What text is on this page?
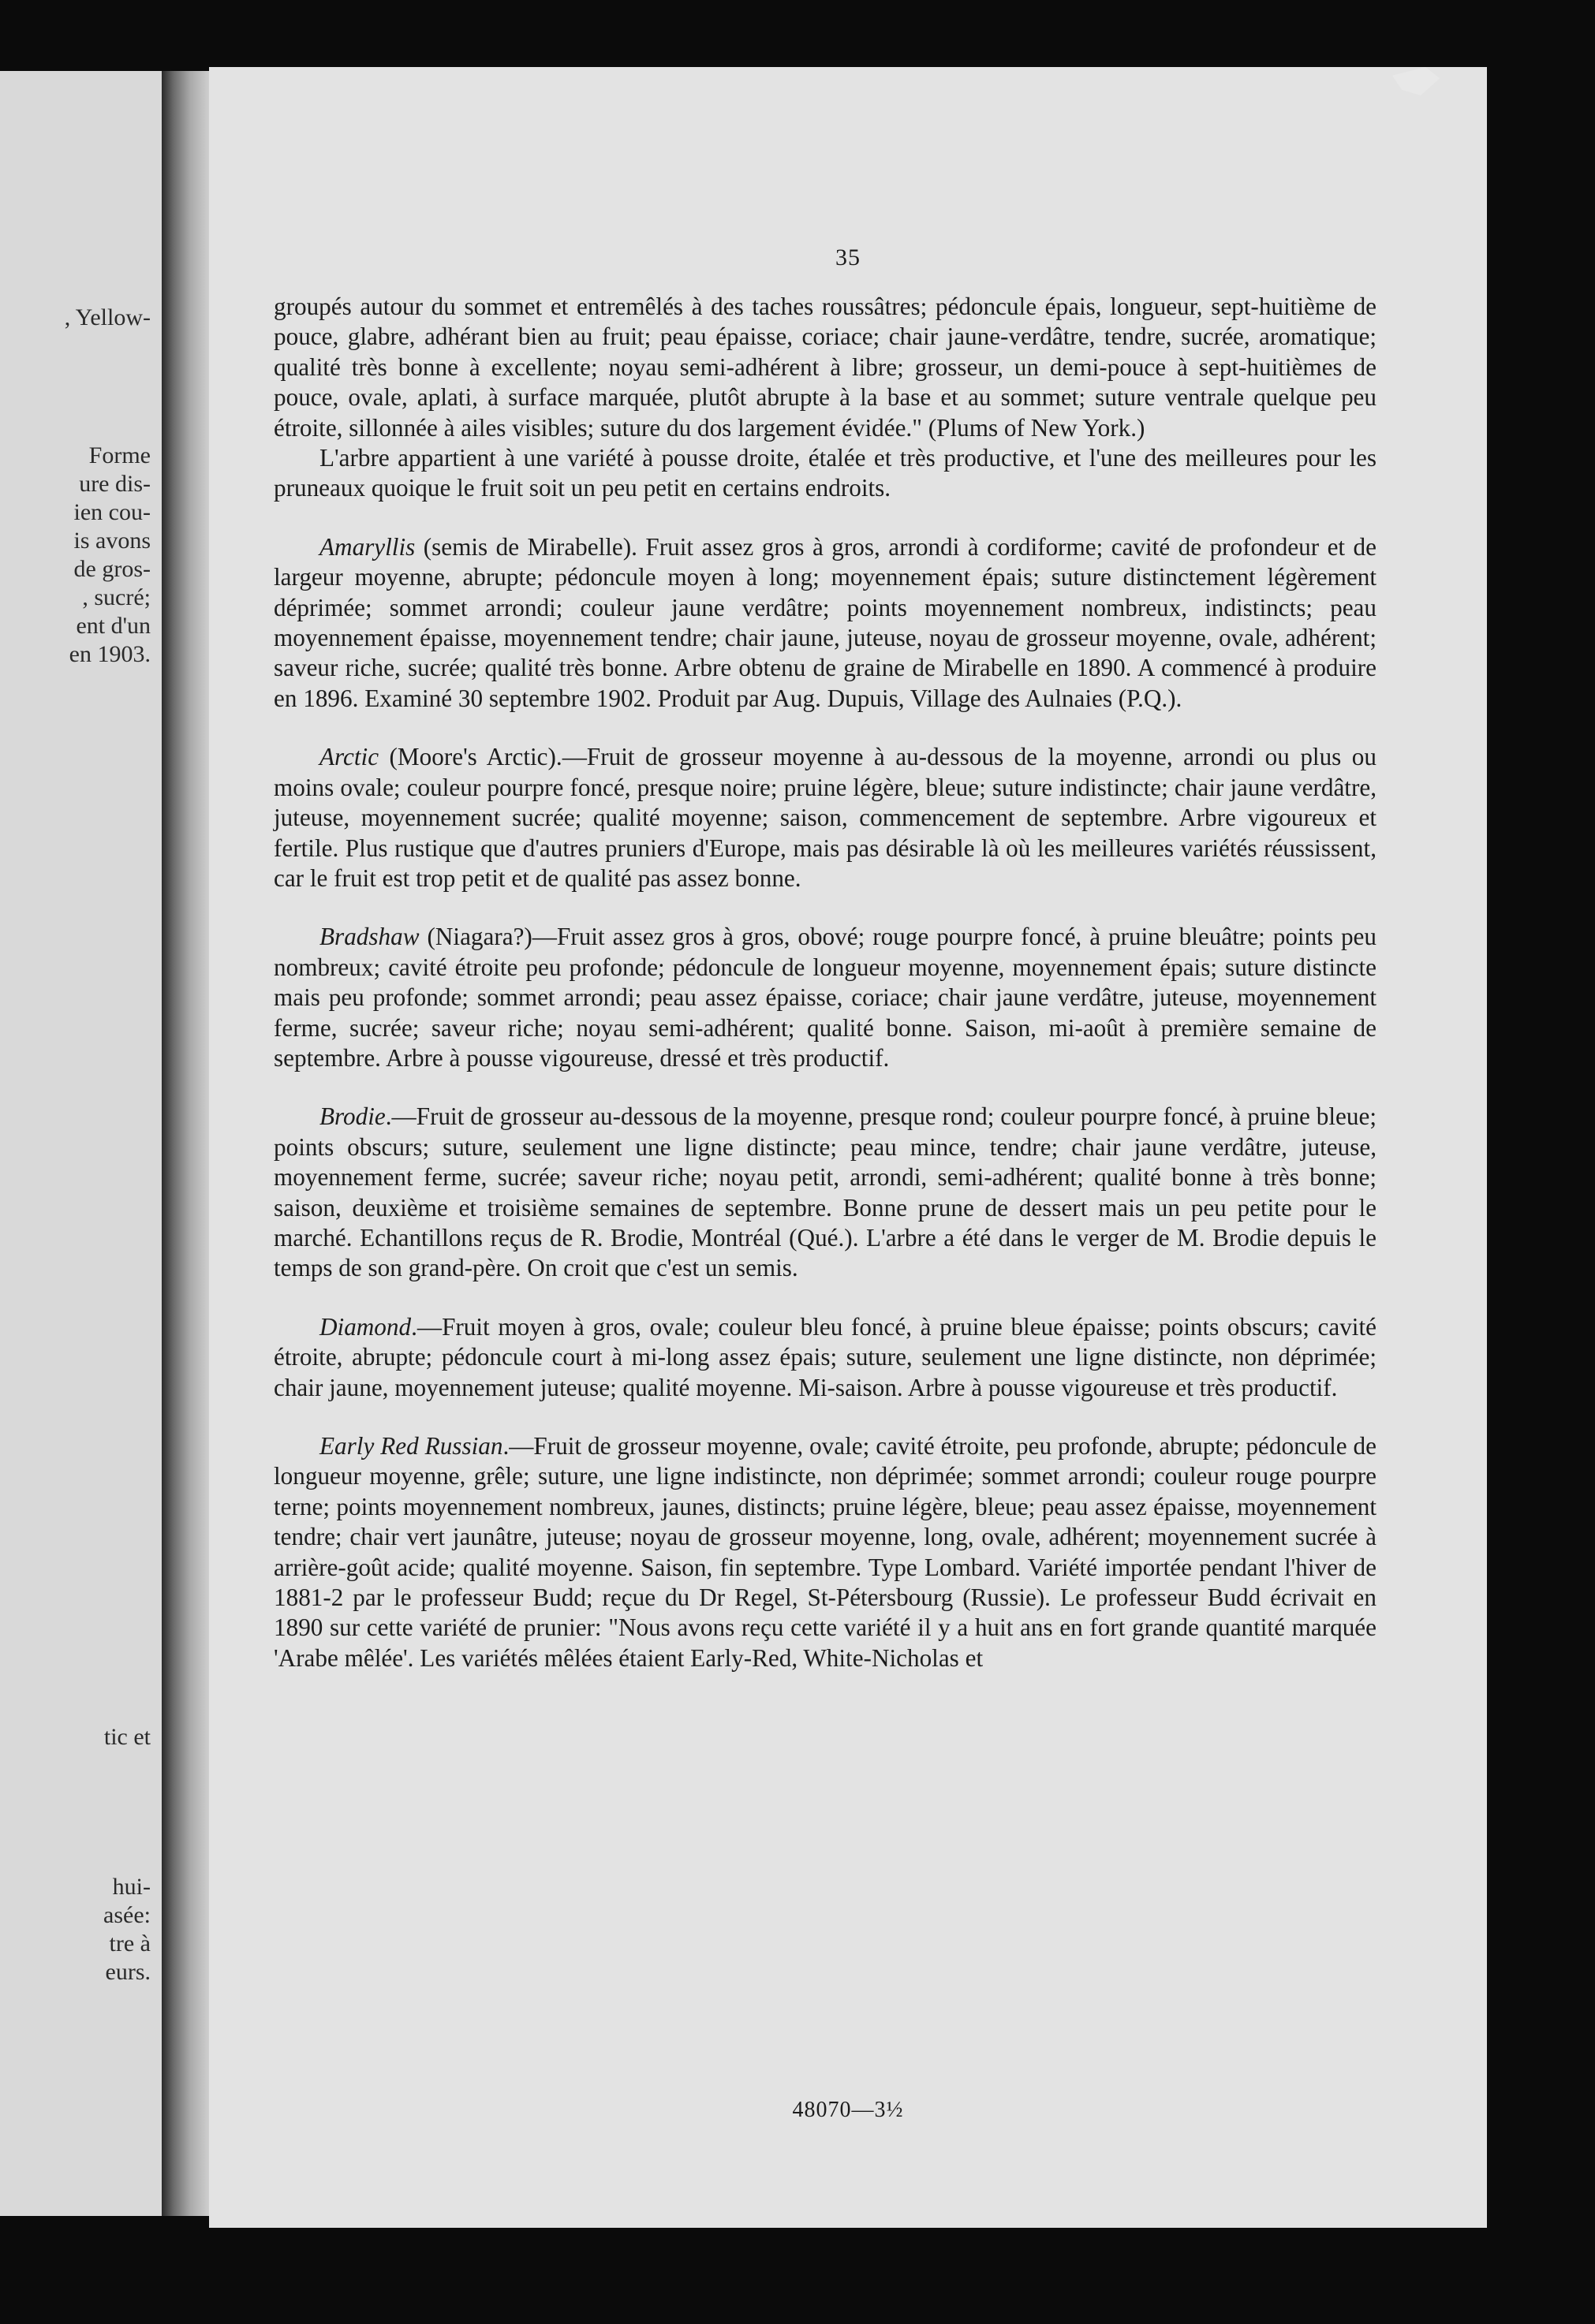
, Yellow-
Forme
ure dis-
ien cou-
is avons
de gros-
, sucré;
ent d'un
en 1903.
tic et
hui-
asée:
tre à
eurs.
35

groupés autour du sommet et entremêlés à des taches roussâtres; pédoncule épais, longueur, sept-huitième de pouce, glabre, adhérant bien au fruit; peau épaisse, coriace; chair jaune-verdâtre, tendre, sucrée, aromatique; qualité très bonne à excellente; noyau semi-adhérent à libre; grosseur, un demi-pouce à sept-huitièmes de pouce, ovale, aplati, à surface marquée, plutôt abrupte à la base et au sommet; suture ventrale quelque peu étroite, sillonnée à ailes visibles; suture du dos largement évidée." (Plums of New York.)

L'arbre appartient à une variété à pousse droite, étalée et très productive, et l'une des meilleures pour les pruneaux quoique le fruit soit un peu petit en certains endroits.

Amaryllis (semis de Mirabelle). Fruit assez gros à gros, arrondi à cordiforme; cavité de profondeur et de largeur moyenne, abrupte; pédoncule moyen à long; moyennement épais; suture distinctement légèrement déprimée; sommet arrondi; couleur jaune verdâtre; points moyennement nombreux, indistincts; peau moyennement épaisse, moyennement tendre; chair jaune, juteuse, noyau de grosseur moyenne, ovale, adhérent; saveur riche, sucrée; qualité très bonne. Arbre obtenu de graine de Mirabelle en 1890. A commencé à produire en 1896. Examiné 30 septembre 1902. Produit par Aug. Dupuis, Village des Aulnaies (P.Q.).

Arctic (Moore's Arctic).—Fruit de grosseur moyenne à au-dessous de la moyenne, arrondi ou plus ou moins ovale; couleur pourpre foncé, presque noire; pruine légère, bleue; suture indistincte; chair jaune verdâtre, juteuse, moyennement sucrée; qualité moyenne; saison, commencement de septembre. Arbre vigoureux et fertile. Plus rustique que d'autres pruniers d'Europe, mais pas désirable là où les meilleures variétés réussissent, car le fruit est trop petit et de qualité pas assez bonne.

Bradshaw (Niagara?)—Fruit assez gros à gros, obové; rouge pourpre foncé, à pruine bleuâtre; points peu nombreux; cavité étroite peu profonde; pédoncule de longueur moyenne, moyennement épais; suture distincte mais peu profonde; sommet arrondi; peau assez épaisse, coriace; chair jaune verdâtre, juteuse, moyennement ferme, sucrée; saveur riche; noyau semi-adhérent; qualité bonne. Saison, mi-août à première semaine de septembre. Arbre à pousse vigoureuse, dressé et très productif.

Brodie.—Fruit de grosseur au-dessous de la moyenne, presque rond; couleur pourpre foncé, à pruine bleue; points obscurs; suture, seulement une ligne distincte; peau mince, tendre; chair jaune verdâtre, juteuse, moyennement ferme, sucrée; saveur riche; noyau petit, arrondi, semi-adhérent; qualité bonne à très bonne; saison, deuxième et troisième semaines de septembre. Bonne prune de dessert mais un peu petite pour le marché. Echantillons reçus de R. Brodie, Montréal (Qué.). L'arbre a été dans le verger de M. Brodie depuis le temps de son grand-père. On croit que c'est un semis.

Diamond.—Fruit moyen à gros, ovale; couleur bleu foncé, à pruine bleue épaisse; points obscurs; cavité étroite, abrupte; pédoncule court à mi-long assez épais; suture, seulement une ligne distincte, non déprimée; chair jaune, moyennement juteuse; qualité moyenne. Mi-saison. Arbre à pousse vigoureuse et très productif.

Early Red Russian.—Fruit de grosseur moyenne, ovale; cavité étroite, peu profonde, abrupte; pédoncule de longueur moyenne, grêle; suture, une ligne indistincte, non déprimée; sommet arrondi; couleur rouge pourpre terne; points moyennement nombreux, jaunes, distincts; pruine légère, bleue; peau assez épaisse, moyennement tendre; chair vert jaunâtre, juteuse; noyau de grosseur moyenne, long, ovale, adhérent; moyennement sucrée à arrière-goût acide; qualité moyenne. Saison, fin septembre. Type Lombard. Variété importée pendant l'hiver de 1881-2 par le professeur Budd; reçue du Dr Regel, St-Pétersbourg (Russie). Le professeur Budd écrivait en 1890 sur cette variété de prunier: "Nous avons reçu cette variété il y a huit ans en fort grande quantité marquée 'Arabe mêlée'. Les variétés mêlées étaient Early-Red, White-Nicholas et

48070—3½
